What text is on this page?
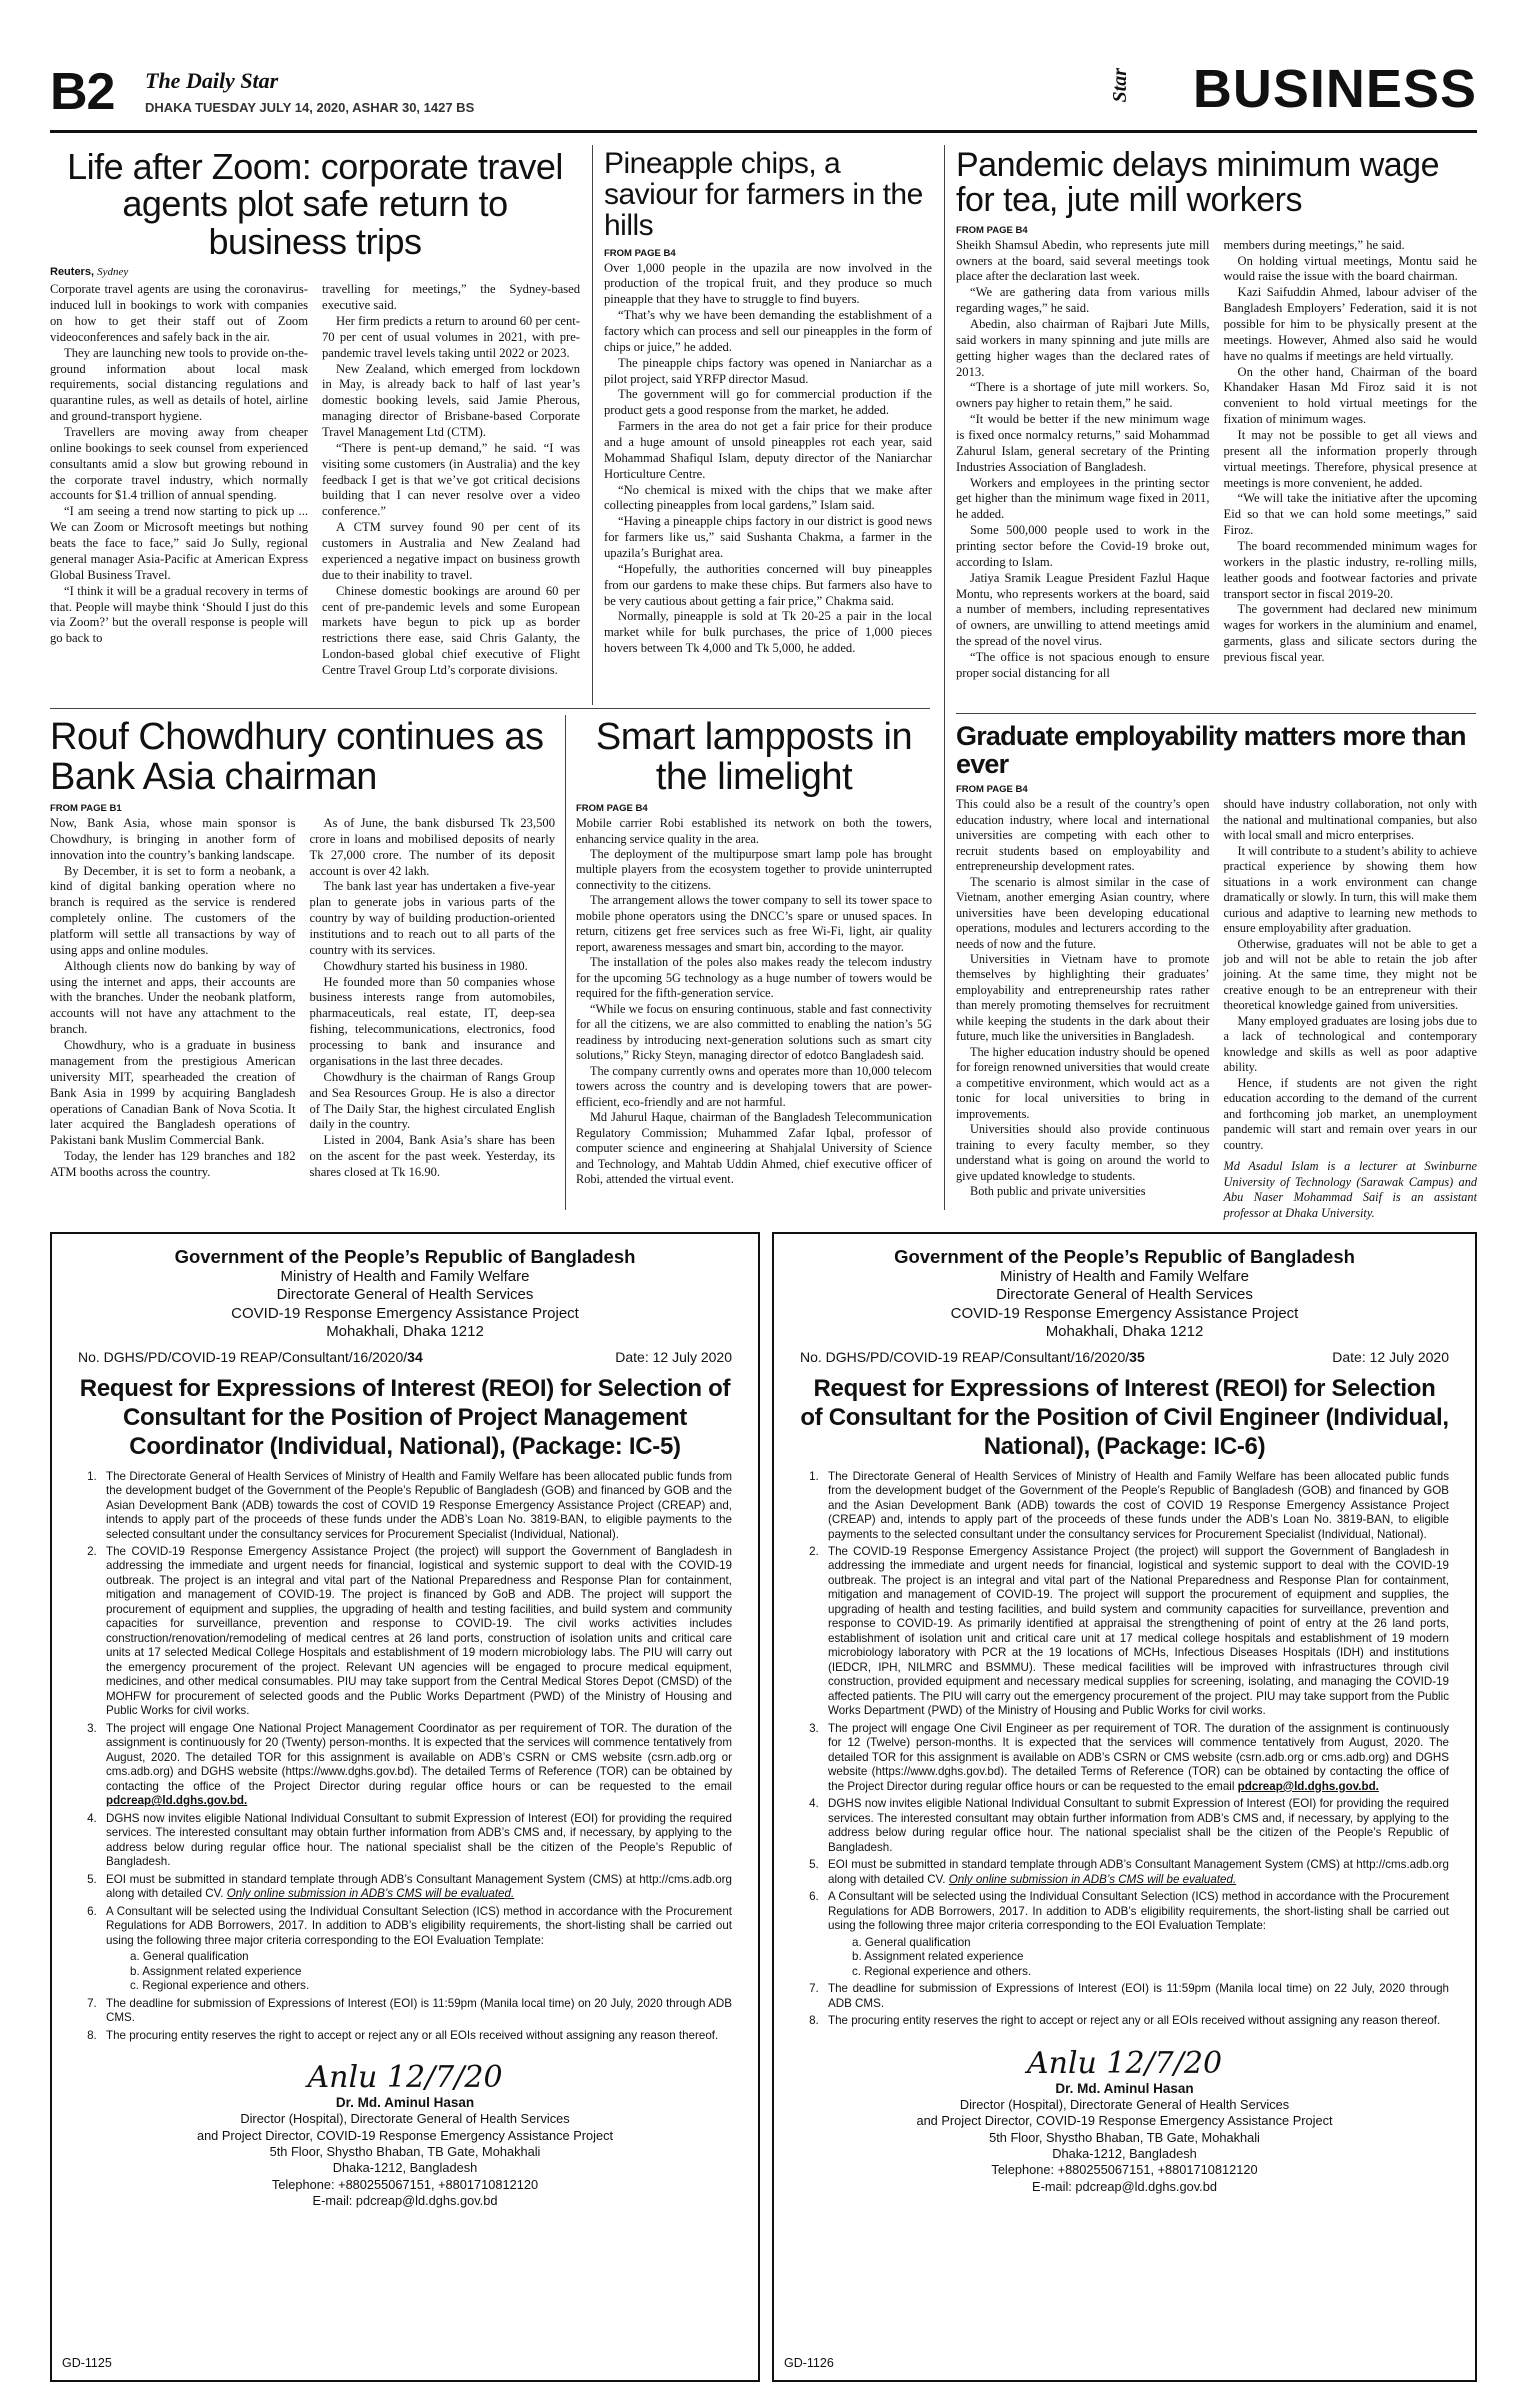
B2 The Daily Star
DHAKA TUESDAY JULY 14, 2020, ASHAR 30, 1427 BS
Star BUSINESS
Life after Zoom: corporate travel agents plot safe return to business trips
Reuters, Sydney

Corporate travel agents are using the coronavirus-induced lull in bookings to work with companies on how to get their staff out of Zoom videoconferences and safely back in the air.

They are launching new tools to provide on-the-ground information about local mask requirements, social distancing regulations and quarantine rules, as well as details of hotel, airline and ground-transport hygiene.

Travellers are moving away from cheaper online bookings to seek counsel from experienced consultants amid a slow but growing rebound in the corporate travel industry, which normally accounts for $1.4 trillion of annual spending.

“I am seeing a trend now starting to pick up ... We can Zoom or Microsoft meetings but nothing beats the face to face,” said Jo Sully, regional general manager Asia-Pacific at American Express Global Business Travel.

“I think it will be a gradual recovery in terms of that. People will maybe think ‘Should I just do this via Zoom?’ but the overall response is people will go back to

travelling for meetings,” the Sydney-based executive said.

Her firm predicts a return to around 60 per cent-70 per cent of usual volumes in 2021, with pre-pandemic travel levels taking until 2022 or 2023.

New Zealand, which emerged from lockdown in May, is already back to half of last year’s domestic booking levels, said Jamie Pherous, managing director of Brisbane-based Corporate Travel Management Ltd (CTM).

“There is pent-up demand,” he said. “I was visiting some customers (in Australia) and the key feedback I get is that we’ve got critical decisions building that I can never resolve over a video conference.”

A CTM survey found 90 per cent of its customers in Australia and New Zealand had experienced a negative impact on business growth due to their inability to travel.

Chinese domestic bookings are around 60 per cent of pre-pandemic levels and some European markets have begun to pick up as border restrictions there ease, said Chris Galanty, the London-based global chief executive of Flight Centre Travel Group Ltd’s corporate divisions.

Pineapple chips, a saviour for farmers in the hills
FROM PAGE B4

Over 1,000 people in the upazila are now involved in the production of the tropical fruit, and they produce so much pineapple that they have to struggle to find buyers.

“That’s why we have been demanding the establishment of a factory which can process and sell our pineapples in the form of chips or juice,” he added.

The pineapple chips factory was opened in Naniarchar as a pilot project, said YRFP director Masud.

The government will go for commercial production if the product gets a good response from the market, he added.

Farmers in the area do not get a fair price for their produce and a huge amount of unsold pineapples rot each year, said Mohammad Shafiqul Islam, deputy director of the Naniarchar Horticulture Centre.

“No chemical is mixed with the chips that we make after collecting pineapples from local gardens,” Islam said.

“Having a pineapple chips factory in our district is good news for farmers like us,” said Sushanta Chakma, a farmer in the upazila’s Burighat area.

“Hopefully, the authorities concerned will buy pineapples from our gardens to make these chips. But farmers also have to be very cautious about getting a fair price,” Chakma said.

Normally, pineapple is sold at Tk 20-25 a pair in the local market while for bulk purchases, the price of 1,000 pieces hovers between Tk 4,000 and Tk 5,000, he added.

Pandemic delays minimum wage for tea, jute mill workers
FROM PAGE B4

Sheikh Shamsul Abedin, who represents jute mill owners at the board, said several meetings took place after the declaration last week.

“We are gathering data from various mills regarding wages,” he said.

Abedin, also chairman of Rajbari Jute Mills, said workers in many spinning and jute mills are getting higher wages than the declared rates of 2013.

“There is a shortage of jute mill workers. So, owners pay higher to retain them,” he said.

“It would be better if the new minimum wage is fixed once normalcy returns,” said Mohammad Zahurul Islam, general secretary of the Printing Industries Association of Bangladesh.

Workers and employees in the printing sector get higher than the minimum wage fixed in 2011, he added.

Some 500,000 people used to work in the printing sector before the Covid-19 broke out, according to Islam.

Jatiya Sramik League President Fazlul Haque Montu, who represents workers at the board, said a number of members, including representatives of owners, are unwilling to attend meetings amid the spread of the novel virus.

“The office is not spacious enough to ensure proper social distancing for all

members during meetings,” he said.

On holding virtual meetings, Montu said he would raise the issue with the board chairman.

Kazi Saifuddin Ahmed, labour adviser of the Bangladesh Employers’ Federation, said it is not possible for him to be physically present at the meetings. However, Ahmed also said he would have no qualms if meetings are held virtually.

On the other hand, Chairman of the board Khandaker Hasan Md Firoz said it is not convenient to hold virtual meetings for the fixation of minimum wages.

It may not be possible to get all views and present all the information properly through virtual meetings. Therefore, physical presence at meetings is more convenient, he added.

“We will take the initiative after the upcoming Eid so that we can hold some meetings,” said Firoz.

The board recommended minimum wages for workers in the plastic industry, re-rolling mills, leather goods and footwear factories and private transport sector in fiscal 2019-20.

The government had declared new minimum wages for workers in the aluminium and enamel, garments, glass and silicate sectors during the previous fiscal year.

Rouf Chowdhury continues as Bank Asia chairman
FROM PAGE B1

Now, Bank Asia, whose main sponsor is Chowdhury, is bringing in another form of innovation into the country’s banking landscape.

By December, it is set to form a neobank, a kind of digital banking operation where no branch is required as the service is rendered completely online. The customers of the platform will settle all transactions by way of using apps and online modules.

Although clients now do banking by way of using the internet and apps, their accounts are with the branches. Under the neobank platform, accounts will not have any attachment to the branch.

Chowdhury, who is a graduate in business management from the prestigious American university MIT, spearheaded the creation of Bank Asia in 1999 by acquiring Bangladesh operations of Canadian Bank of Nova Scotia. It later acquired the Bangladesh operations of Pakistani bank Muslim Commercial Bank.

Today, the lender has 129 branches and 182 ATM booths across the country.

As of June, the bank disbursed Tk 23,500 crore in loans and mobilised deposits of nearly Tk 27,000 crore. The number of its deposit account is over 42 lakh.

The bank last year has undertaken a five-year plan to generate jobs in various parts of the country by way of building production-oriented institutions and to reach out to all parts of the country with its services.

Chowdhury started his business in 1980.

He founded more than 50 companies whose business interests range from automobiles, pharmaceuticals, real estate, IT, deep-sea fishing, telecommunications, electronics, food processing to bank and insurance and organisations in the last three decades.

Chowdhury is the chairman of Rangs Group and Sea Resources Group. He is also a director of The Daily Star, the highest circulated English daily in the country.

Listed in 2004, Bank Asia’s share has been on the ascent for the past week. Yesterday, its shares closed at Tk 16.90.

Smart lampposts in the limelight
FROM PAGE B4

Mobile carrier Robi established its network on both the towers, enhancing service quality in the area.

The deployment of the multipurpose smart lamp pole has brought multiple players from the ecosystem together to provide uninterrupted connectivity to the citizens.

The arrangement allows the tower company to sell its tower space to mobile phone operators using the DNCC’s spare or unused spaces. In return, citizens get free services such as free Wi-Fi, light, air quality report, awareness messages and smart bin, according to the mayor.

The installation of the poles also makes ready the telecom industry for the upcoming 5G technology as a huge number of towers would be required for the fifth-generation service.

“While we focus on ensuring continuous, stable and fast connectivity for all the citizens, we are also committed to enabling the nation’s 5G readiness by introducing next-generation solutions such as smart city solutions,” Ricky Steyn, managing director of edotco Bangladesh said.

The company currently owns and operates more than 10,000 telecom towers across the country and is developing towers that are power-efficient, eco-friendly and are not harmful.

Md Jahurul Haque, chairman of the Bangladesh Telecommunication Regulatory Commission; Muhammed Zafar Iqbal, professor of computer science and engineering at Shahjalal University of Science and Technology, and Mahtab Uddin Ahmed, chief executive officer of Robi, attended the virtual event.

Graduate employability matters more than ever
FROM PAGE B4

This could also be a result of the country’s open education industry, where local and international universities are competing with each other to recruit students based on employability and entrepreneurship development rates.

The scenario is almost similar in the case of Vietnam, another emerging Asian country, where universities have been developing educational operations, modules and lecturers according to the needs of now and the future.

Universities in Vietnam have to promote themselves by highlighting their graduates’ employability and entrepreneurship rates rather than merely promoting themselves for recruitment while keeping the students in the dark about their future, much like the universities in Bangladesh.

The higher education industry should be opened for foreign renowned universities that would create a competitive environment, which would act as a tonic for local universities to bring in improvements.

Universities should also provide continuous training to every faculty member, so they understand what is going on around the world to give updated knowledge to students.

Both public and private universities

should have industry collaboration, not only with the national and multinational companies, but also with local small and micro enterprises.

It will contribute to a student’s ability to achieve practical experience by showing them how situations in a work environment can change dramatically or slowly. In turn, this will make them curious and adaptive to learning new methods to ensure employability after graduation.

Otherwise, graduates will not be able to get a job and will not be able to retain the job after joining. At the same time, they might not be creative enough to be an entrepreneur with their theoretical knowledge gained from universities.

Many employed graduates are losing jobs due to a lack of technological and contemporary knowledge and skills as well as poor adaptive ability.

Hence, if students are not given the right education according to the demand of the current and forthcoming job market, an unemployment pandemic will start and remain over years in our country.

Md Asadul Islam is a lecturer at Swinburne University of Technology (Sarawak Campus) and Abu Naser Mohammad Saif is an assistant professor at Dhaka University.

Government of the People’s Republic of Bangladesh
Ministry of Health and Family Welfare
Directorate General of Health Services
COVID-19 Response Emergency Assistance Project
Mohakhali, Dhaka 1212
No. DGHS/PD/COVID-19 REAP/Consultant/16/2020/34	Date: 12 July 2020
Request for Expressions of Interest (REOI) for Selection of Consultant for the Position of Project Management Coordinator (Individual, National), (Package: IC-5)
1. The Directorate General of Health Services of Ministry of Health and Family Welfare has been allocated public funds from the development budget of the Government of the People’s Republic of Bangladesh (GOB) and financed by GOB and the Asian Development Bank (ADB) towards the cost of COVID 19 Response Emergency Assistance Project (CREAP) and, intends to apply part of the proceeds of these funds under the ADB’s Loan No. 3819-BAN, to eligible payments to the selected consultant under the consultancy services for Procurement Specialist (Individual, National).
2. The COVID-19 Response Emergency Assistance Project (the project) will support the Government of Bangladesh in addressing the immediate and urgent needs for financial, logistical and systemic support to deal with the COVID-19 outbreak. The project is an integral and vital part of the National Preparedness and Response Plan for containment, mitigation and management of COVID-19. The project is financed by GoB and ADB. The project will support the procurement of equipment and supplies, the upgrading of health and testing facilities, and build system and community capacities for surveillance, prevention and response to COVID-19. The civil works activities includes construction/renovation/remodeling of medical centres at 26 land ports, construction of isolation units and critical care units at 17 selected Medical College Hospitals and establishment of 19 modern microbiology labs. The PIU will carry out the emergency procurement of the project. Relevant UN agencies will be engaged to procure medical equipment, medicines, and other medical consumables. PIU may take support from the Central Medical Stores Depot (CMSD) of the MOHFW for procurement of selected goods and the Public Works Department (PWD) of the Ministry of Housing and Public Works for civil works.
3. The project will engage One National Project Management Coordinator as per requirement of TOR. The duration of the assignment is continuously for 20 (Twenty) person-months. It is expected that the services will commence tentatively from August, 2020. The detailed TOR for this assignment is available on ADB’s CSRN or CMS website (csrn.adb.org or cms.adb.org) and DGHS website (https://www.dghs.gov.bd). The detailed Terms of Reference (TOR) can be obtained by contacting the office of the Project Director during regular office hours or can be requested to the email pdcreap@ld.dghs.gov.bd.
4. DGHS now invites eligible National Individual Consultant to submit Expression of Interest (EOI) for providing the required services. The interested consultant may obtain further information from ADB’s CMS and, if necessary, by applying to the address below during regular office hour. The national specialist shall be the citizen of the People’s Republic of Bangladesh.
5. EOI must be submitted in standard template through ADB’s Consultant Management System (CMS) at http://cms.adb.org along with detailed CV. Only online submission in ADB’s CMS will be evaluated.
6. A Consultant will be selected using the Individual Consultant Selection (ICS) method in accordance with the Procurement Regulations for ADB Borrowers, 2017. In addition to ADB’s eligibility requirements, the short-listing shall be carried out using the following three major criteria corresponding to the EOI Evaluation Template:
a. General qualification
b. Assignment related experience
c. Regional experience and others.
7. The deadline for submission of Expressions of Interest (EOI) is 11:59pm (Manila local time) on 20 July, 2020 through ADB CMS.
8. The procuring entity reserves the right to accept or reject any or all EOIs received without assigning any reason thereof.
Anlu 12/7/20
Dr. Md. Aminul Hasan
Director (Hospital), Directorate General of Health Services
and Project Director, COVID-19 Response Emergency Assistance Project
5th Floor, Shystho Bhaban, TB Gate, Mohakhali
Dhaka-1212, Bangladesh
Telephone: +880255067151, +8801710812120
E-mail: pdcreap@ld.dghs.gov.bd
GD-1125
Government of the People’s Republic of Bangladesh
Ministry of Health and Family Welfare
Directorate General of Health Services
COVID-19 Response Emergency Assistance Project
Mohakhali, Dhaka 1212
No. DGHS/PD/COVID-19 REAP/Consultant/16/2020/35	Date: 12 July 2020
Request for Expressions of Interest (REOI) for Selection of Consultant for the Position of Civil Engineer (Individual, National), (Package: IC-6)
1. The Directorate General of Health Services of Ministry of Health and Family Welfare has been allocated public funds from the development budget of the Government of the People’s Republic of Bangladesh (GOB) and financed by GOB and the Asian Development Bank (ADB) towards the cost of COVID 19 Response Emergency Assistance Project (CREAP) and, intends to apply part of the proceeds of these funds under the ADB’s Loan No. 3819-BAN, to eligible payments to the selected consultant under the consultancy services for Procurement Specialist (Individual, National).
2. The COVID-19 Response Emergency Assistance Project (the project) will support the Government of Bangladesh in addressing the immediate and urgent needs for financial, logistical and systemic support to deal with the COVID-19 outbreak. The project is an integral and vital part of the National Preparedness and Response Plan for containment, mitigation and management of COVID-19. The project will support the procurement of equipment and supplies, the upgrading of health and testing facilities, and build system and community capacities for surveillance, prevention and response to COVID-19. As primarily identified at appraisal the strengthening of point of entry at the 26 land ports, establishment of isolation unit and critical care unit at 17 medical college hospitals and establishment of 19 modern microbiology laboratory with PCR at the 19 locations of MCHs, Infectious Diseases Hospitals (IDH) and institutions (IEDCR, IPH, NILMRC and BSMMU). These medical facilities will be improved with infrastructures through civil construction, provided equipment and necessary medical supplies for screening, isolating, and managing the COVID-19 affected patients. The PIU will carry out the emergency procurement of the project. PIU may take support from the Public Works Department (PWD) of the Ministry of Housing and Public Works for civil works.
3. The project will engage One Civil Engineer as per requirement of TOR. The duration of the assignment is continuously for 12 (Twelve) person-months. It is expected that the services will commence tentatively from August, 2020. The detailed TOR for this assignment is available on ADB’s CSRN or CMS website (csrn.adb.org or cms.adb.org) and DGHS website (https://www.dghs.gov.bd). The detailed Terms of Reference (TOR) can be obtained by contacting the office of the Project Director during regular office hours or can be requested to the email pdcreap@ld.dghs.gov.bd.
4. DGHS now invites eligible National Individual Consultant to submit Expression of Interest (EOI) for providing the required services. The interested consultant may obtain further information from ADB’s CMS and, if necessary, by applying to the address below during regular office hour. The national specialist shall be the citizen of the People’s Republic of Bangladesh.
5. EOI must be submitted in standard template through ADB’s Consultant Management System (CMS) at http://cms.adb.org along with detailed CV. Only online submission in ADB’s CMS will be evaluated.
6. A Consultant will be selected using the Individual Consultant Selection (ICS) method in accordance with the Procurement Regulations for ADB Borrowers, 2017. In addition to ADB’s eligibility requirements, the short-listing shall be carried out using the following three major criteria corresponding to the EOI Evaluation Template:
a. General qualification
b. Assignment related experience
c. Regional experience and others.
7. The deadline for submission of Expressions of Interest (EOI) is 11:59pm (Manila local time) on 22 July, 2020 through ADB CMS.
8. The procuring entity reserves the right to accept or reject any or all EOIs received without assigning any reason thereof.
Anlu 12/7/20
Dr. Md. Aminul Hasan
Director (Hospital), Directorate General of Health Services
and Project Director, COVID-19 Response Emergency Assistance Project
5th Floor, Shystho Bhaban, TB Gate, Mohakhali
Dhaka-1212, Bangladesh
Telephone: +880255067151, +8801710812120
E-mail: pdcreap@ld.dghs.gov.bd
GD-1126
